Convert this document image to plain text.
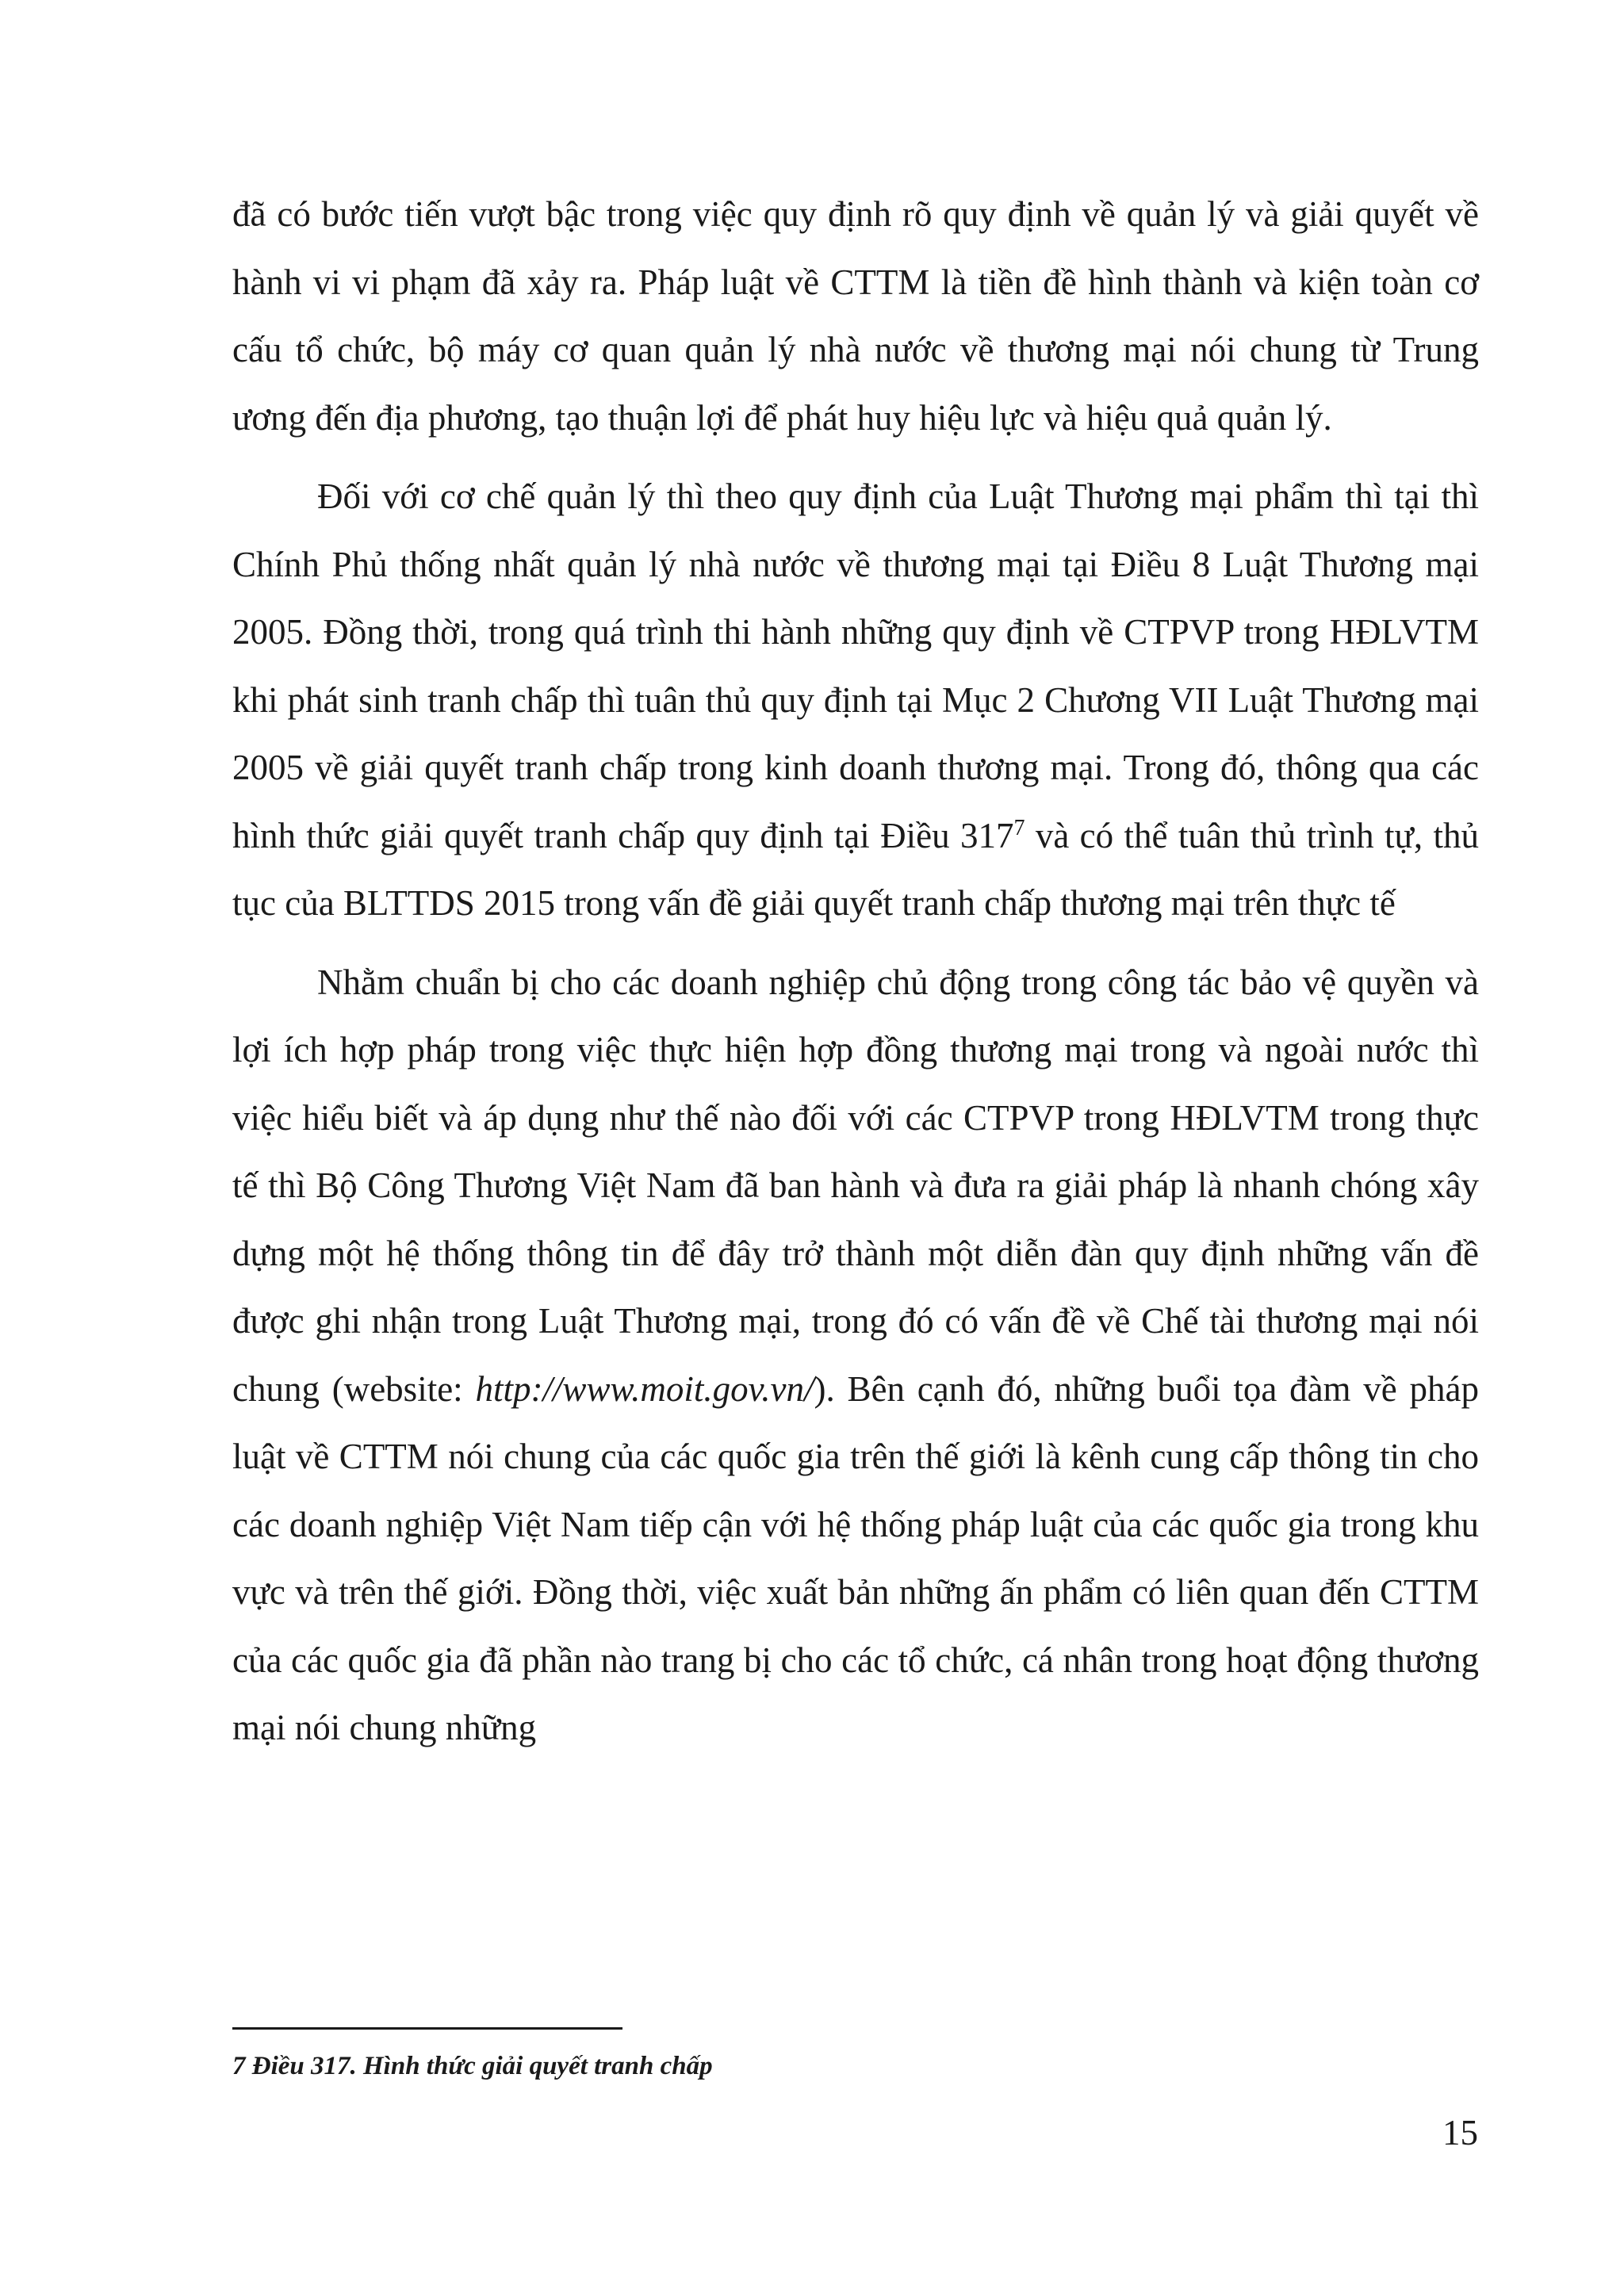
đã có bước tiến vượt bậc trong việc quy định rõ quy định về quản lý và giải quyết về hành vi vi phạm đã xảy ra. Pháp luật về CTTM là tiền đề hình thành và kiện toàn cơ cấu tổ chức, bộ máy cơ quan quản lý nhà nước về thương mại nói chung từ Trung ương đến địa phương, tạo thuận lợi để phát huy hiệu lực và hiệu quả quản lý.

Đối với cơ chế quản lý thì theo quy định của Luật Thương mại phẩm thì tại thì Chính Phủ thống nhất quản lý nhà nước về thương mại tại Điều 8 Luật Thương mại 2005. Đồng thời, trong quá trình thi hành những quy định về CTPVP trong HĐLVTM khi phát sinh tranh chấp thì tuân thủ quy định tại Mục 2 Chương VII Luật Thương mại 2005 về giải quyết tranh chấp trong kinh doanh thương mại. Trong đó, thông qua các hình thức giải quyết tranh chấp quy định tại Điều 317$^7$ và có thể tuân thủ trình tự, thủ tục của BLTTDS 2015 trong vấn đề giải quyết tranh chấp thương mại trên thực tế

Nhằm chuẩn bị cho các doanh nghiệp chủ động trong công tác bảo vệ quyền và lợi ích hợp pháp trong việc thực hiện hợp đồng thương mại trong và ngoài nước thì việc hiểu biết và áp dụng như thế nào đối với các CTPVP trong HĐLVTM trong thực tế thì Bộ Công Thương Việt Nam đã ban hành và đưa ra giải pháp là nhanh chóng xây dựng một hệ thống thông tin để đây trở thành một diễn đàn quy định những vấn đề được ghi nhận trong Luật Thương mại, trong đó có vấn đề về Chế tài thương mại nói chung (website: http://www.moit.gov.vn/). Bên cạnh đó, những buổi tọa đàm về pháp luật về CTTM nói chung của các quốc gia trên thế giới là kênh cung cấp thông tin cho các doanh nghiệp Việt Nam tiếp cận với hệ thống pháp luật của các quốc gia trong khu vực và trên thế giới. Đồng thời, việc xuất bản những ấn phẩm có liên quan đến CTTM của các quốc gia đã phần nào trang bị cho các tổ chức, cá nhân trong hoạt động thương mại nói chung những

7 Điều 317. Hình thức giải quyết tranh chấp
15
